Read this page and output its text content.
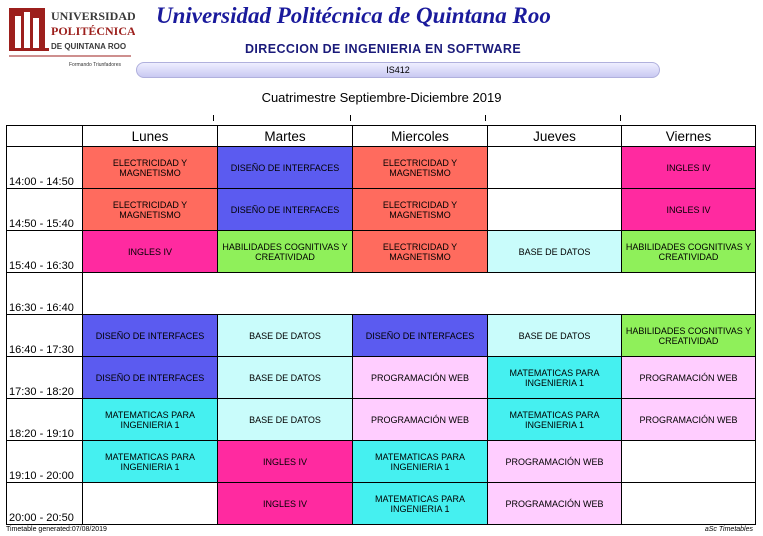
UNIVERSIDAD
POLITÉCNICA
DE QUINTANA ROO
Formando Triunfadores
Universidad Politécnica de Quintana Roo
DIRECCION DE INGENIERIA EN SOFTWARE
IS412
Cuatrimestre Septiembre-Diciembre 2019
	Lunes	Martes	Miercoles	Jueves	Viernes
14:00 - 14:50	ELECTRICIDAD Y MAGNETISMO	DISEÑO DE INTERFACES	ELECTRICIDAD Y MAGNETISMO		INGLES IV
14:50 - 15:40	ELECTRICIDAD Y MAGNETISMO	DISEÑO DE INTERFACES	ELECTRICIDAD Y MAGNETISMO		INGLES IV
15:40 - 16:30	INGLES IV	HABILIDADES COGNITIVAS Y CREATIVIDAD	ELECTRICIDAD Y MAGNETISMO	BASE DE DATOS	HABILIDADES COGNITIVAS Y CREATIVIDAD
16:30 - 16:40					
16:40 - 17:30	DISEÑO DE INTERFACES	BASE DE DATOS	DISEÑO DE INTERFACES	BASE DE DATOS	HABILIDADES COGNITIVAS Y CREATIVIDAD
17:30 - 18:20	DISEÑO DE INTERFACES	BASE DE DATOS	PROGRAMACIÓN WEB	MATEMATICAS PARA INGENIERIA 1	PROGRAMACIÓN WEB
18:20 - 19:10	MATEMATICAS PARA INGENIERIA 1	BASE DE DATOS	PROGRAMACIÓN WEB	MATEMATICAS PARA INGENIERIA 1	PROGRAMACIÓN WEB
19:10 - 20:00	MATEMATICAS PARA INGENIERIA 1	INGLES IV	MATEMATICAS PARA INGENIERIA 1	PROGRAMACIÓN WEB	
20:00 - 20:50		INGLES IV	MATEMATICAS PARA INGENIERIA 1	PROGRAMACIÓN WEB	
Timetable generated:07/08/2019	aSc Timetables
